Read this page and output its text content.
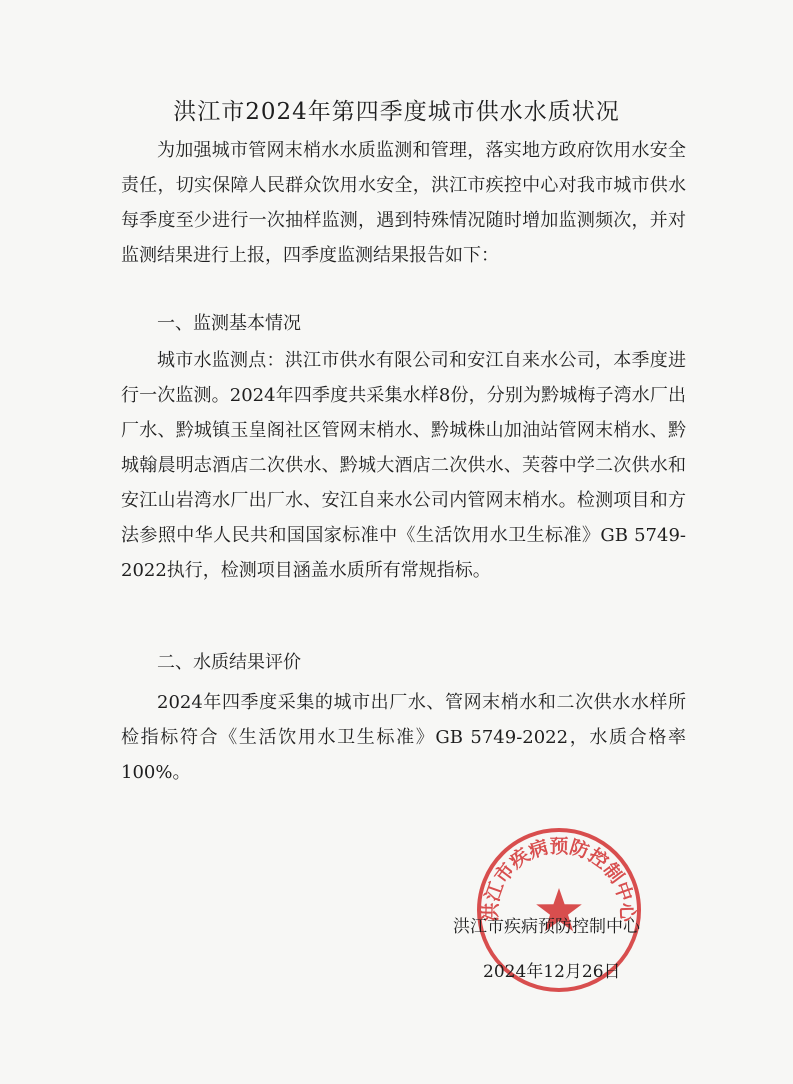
洪江市2024年第四季度城市供水水质状况

为加强城市管网末梢水水质监测和管理，落实地方政府饮用水安全责任，切实保障人民群众饮用水安全，洪江市疾控中心对我市城市供水每季度至少进行一次抽样监测，遇到特殊情况随时增加监测频次，并对监测结果进行上报，四季度监测结果报告如下：

一、监测基本情况

城市水监测点：洪江市供水有限公司和安江自来水公司，本季度进行一次监测。2024年四季度共采集水样8份，分别为黔城梅子湾水厂出厂水、黔城镇玉皇阁社区管网末梢水、黔城株山加油站管网末梢水、黔城翰晨明志酒店二次供水、黔城大酒店二次供水、芙蓉中学二次供水和安江山岩湾水厂出厂水、安江自来水公司内管网末梢水。检测项目和方法参照中华人民共和国国家标准中《生活饮用水卫生标准》GB 5749-2022执行，检测项目涵盖水质所有常规指标。

二、水质结果评价

2024年四季度采集的城市出厂水、管网末梢水和二次供水水样所检指标符合《生活饮用水卫生标准》GB 5749-2022，水质合格率100%。

洪江市疾病预防控制中心
洪江市疾病预防控制中心
2024年12月26日
